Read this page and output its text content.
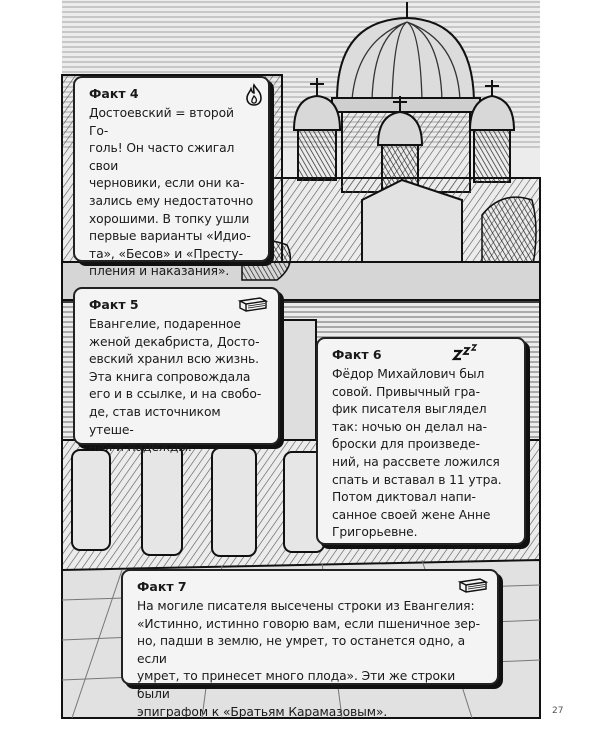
Факт 4

Достоевский = второй Го-
голь! Он часто сжигал свои
черновики, если они ка-
зались ему недостаточно
хорошими. В топку ушли
первые варианты «Идио-
та», «Бесов» и «Престу-
пления и наказания».

Факт 5

Евангелие, подаренное
женой декабриста, Досто-
евский хранил всю жизнь.
Эта книга сопровождала
его и в ссылке, и на свобо-
де, став источником утеше-
ния и надежды.

Факт 6

Фёдор Михайлович был
совой. Привычный гра-
фик писателя выглядел
так: ночью он делал на-
броски для произведе-
ний, на рассвете ложился
спать и вставал в 11 утра.
Потом диктовал напи-
санное своей жене Анне
Григорьевне.

Факт 7

На могиле писателя высечены строки из Евангелия:
«Истинно, истинно говорю вам, если пшеничное зер-
но, падши в землю, не умрет, то останется одно, а если
умрет, то принесет много плода». Эти же строки были
эпиграфом к «Братьям Карамазовым».	27
